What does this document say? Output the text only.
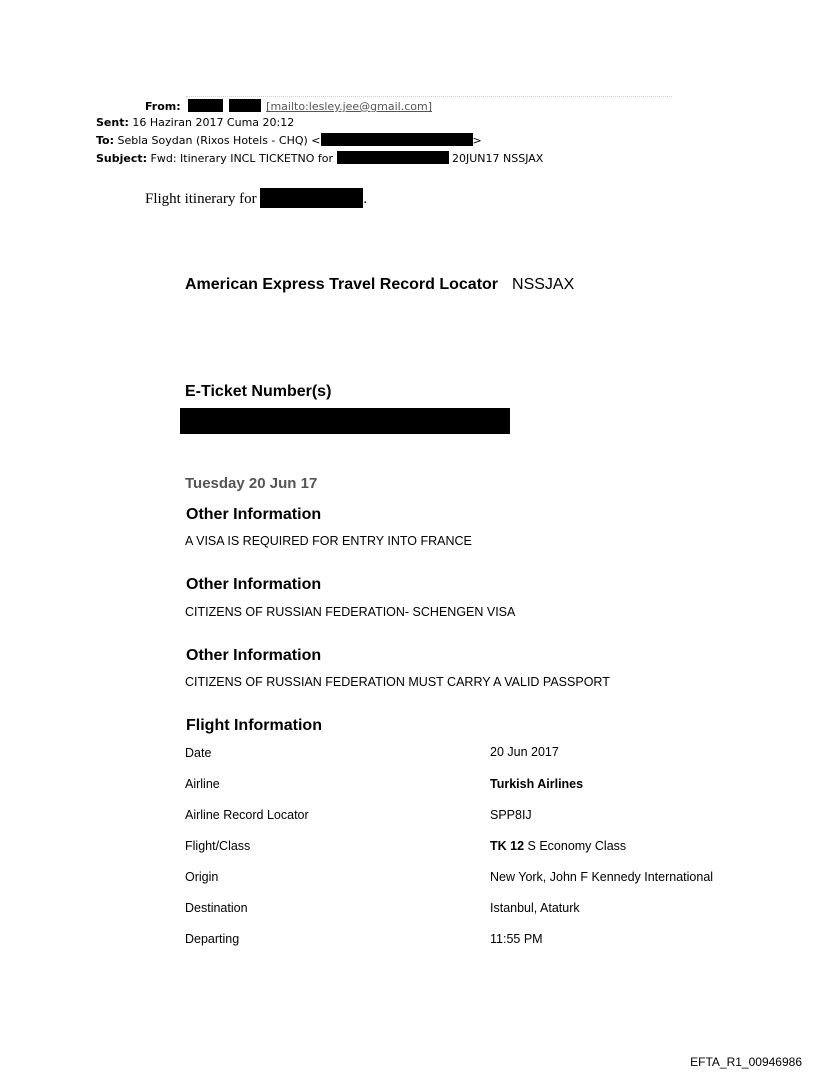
From:	[mailto:lesley.jee@gmail.com]
Sent: 16 Haziran 2017 Cuma 20:12
To: Sebla Soydan (Rixos Hotels - CHQ) <	>
Subject: Fwd: Itinerary INCL TICKETNO for	20JUN17 NSSJAX
Flight itinerary for	.
American Express Travel Record Locator NSSJAX
E-Ticket Number(s)
Tuesday 20 Jun 17
Other Information
A VISA IS REQUIRED FOR ENTRY INTO FRANCE
Other Information
CITIZENS OF RUSSIAN FEDERATION- SCHENGEN VISA
Other Information
CITIZENS OF RUSSIAN FEDERATION MUST CARRY A VALID PASSPORT
Flight Information
Date	20 Jun 2017
Airline	Turkish Airlines
Airline Record Locator	SPP8IJ
Flight/Class	TK 12 S Economy Class
Origin	New York, John F Kennedy International
Destination	Istanbul, Ataturk
Departing	11:55 PM
EFTA_R1_00946986
